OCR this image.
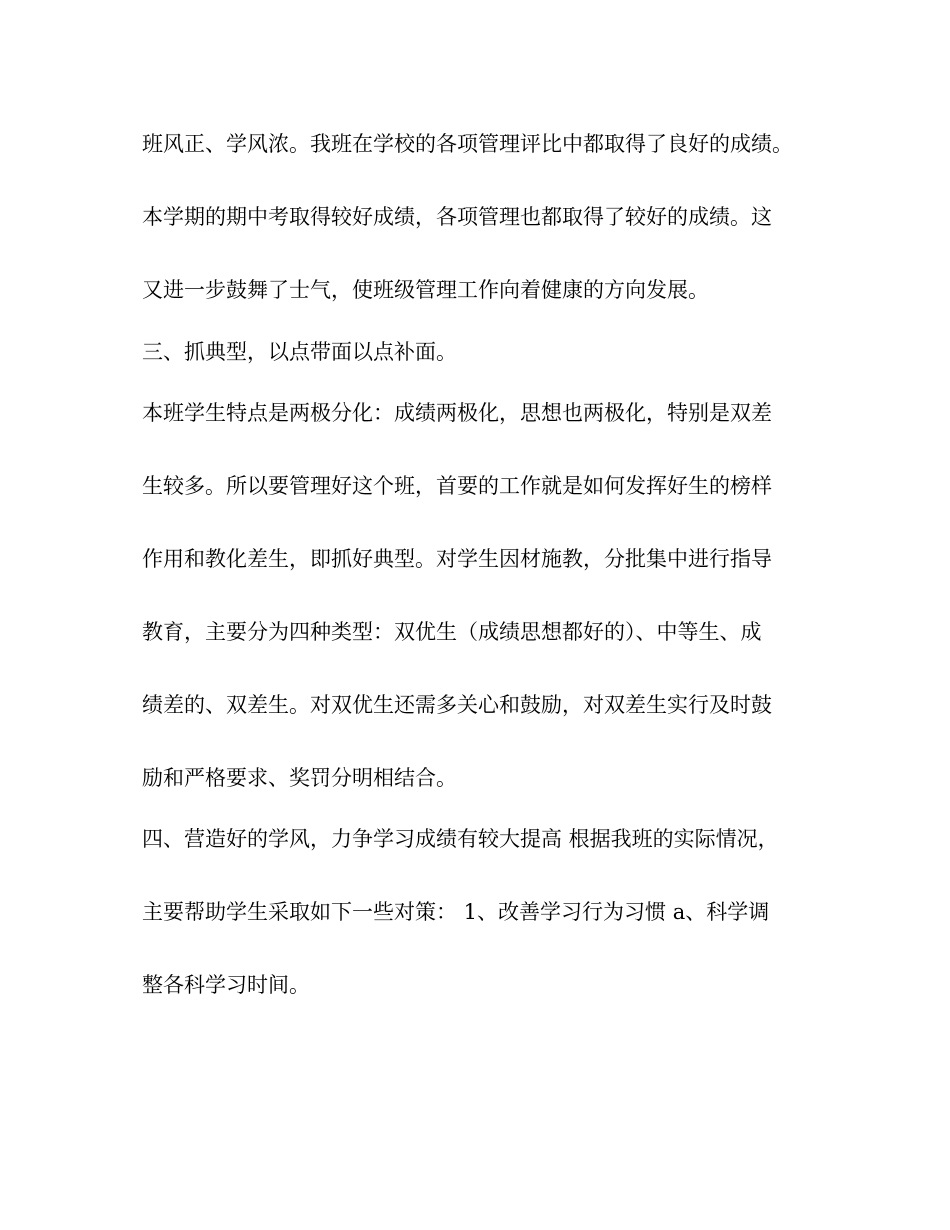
班风正、学风浓。我班在学校的各项管理评比中都取得了良好的成绩。
本学期的期中考取得较好成绩，各项管理也都取得了较好的成绩。这
又进一步鼓舞了士气，使班级管理工作向着健康的方向发展。
三、抓典型，以点带面以点补面。
本班学生特点是两极分化：成绩两极化，思想也两极化，特别是双差
生较多。所以要管理好这个班，首要的工作就是如何发挥好生的榜样
作用和教化差生，即抓好典型。对学生因材施教，分批集中进行指导
教育，主要分为四种类型：双优生（成绩思想都好的）、中等生、成
绩差的、双差生。对双优生还需多关心和鼓励，对双差生实行及时鼓
励和严格要求、奖罚分明相结合。
四、营造好的学风，力争学习成绩有较大提高 根据我班的实际情况，
主要帮助学生采取如下一些对策： 1、改善学习行为习惯 a、科学调
整各科学习时间。
